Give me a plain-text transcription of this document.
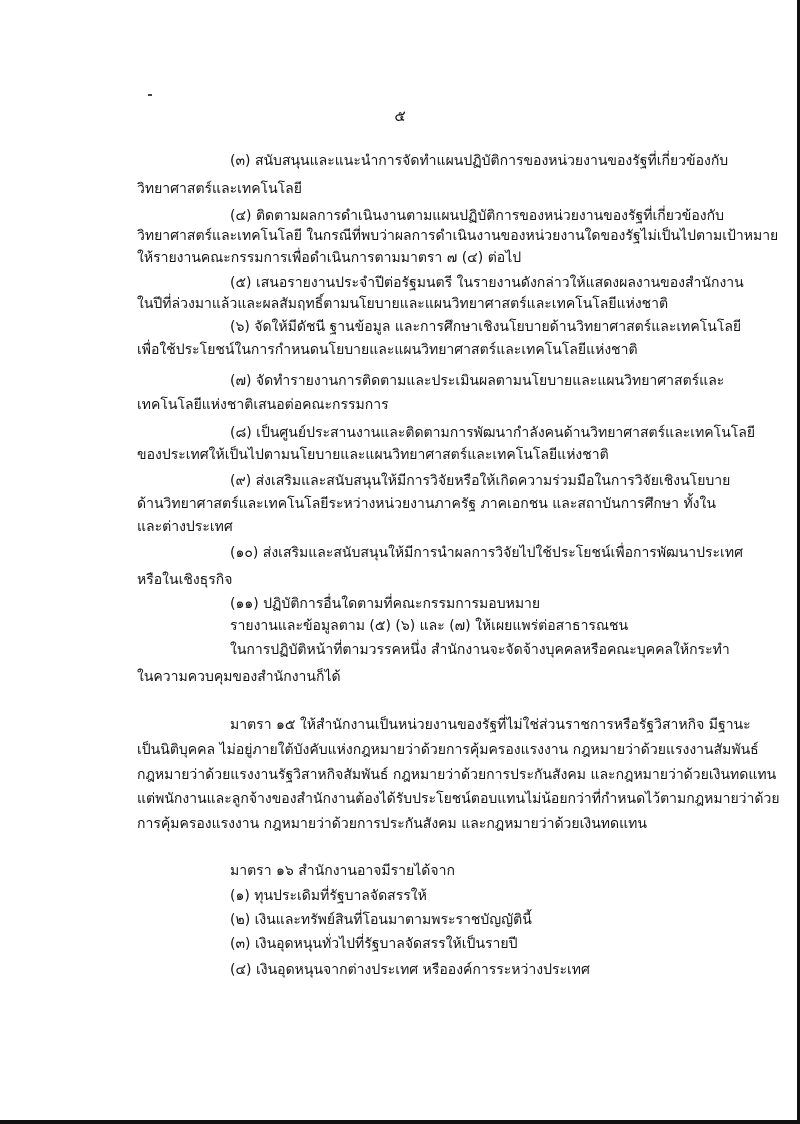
๕
(๓) สนับสนุนและแนะนำการจัดทำแผนปฏิบัติการของหน่วยงานของรัฐที่เกี่ยวข้องกับ
วิทยาศาสตร์และเทคโนโลยี
(๔) ติดตามผลการดำเนินงานตามแผนปฏิบัติการของหน่วยงานของรัฐที่เกี่ยวข้องกับ
วิทยาศาสตร์และเทคโนโลยี ในกรณีที่พบว่าผลการดำเนินงานของหน่วยงานใดของรัฐไม่เป็นไปตามเป้าหมาย
ให้รายงานคณะกรรมการเพื่อดำเนินการตามมาตรา ๗ (๔) ต่อไป
(๕) เสนอรายงานประจำปีต่อรัฐมนตรี ในรายงานดังกล่าวให้แสดงผลงานของสำนักงาน
ในปีที่ล่วงมาแล้วและผลสัมฤทธิ์ตามนโยบายและแผนวิทยาศาสตร์และเทคโนโลยีแห่งชาติ
(๖) จัดให้มีดัชนี ฐานข้อมูล และการศึกษาเชิงนโยบายด้านวิทยาศาสตร์และเทคโนโลยี
เพื่อใช้ประโยชน์ในการกำหนดนโยบายและแผนวิทยาศาสตร์และเทคโนโลยีแห่งชาติ
(๗) จัดทำรายงานการติดตามและประเมินผลตามนโยบายและแผนวิทยาศาสตร์และ
เทคโนโลยีแห่งชาติเสนอต่อคณะกรรมการ
(๘) เป็นศูนย์ประสานงานและติดตามการพัฒนากำลังคนด้านวิทยาศาสตร์และเทคโนโลยี
ของประเทศให้เป็นไปตามนโยบายและแผนวิทยาศาสตร์และเทคโนโลยีแห่งชาติ
(๙) ส่งเสริมและสนับสนุนให้มีการวิจัยหรือให้เกิดความร่วมมือในการวิจัยเชิงนโยบาย
ด้านวิทยาศาสตร์และเทคโนโลยีระหว่างหน่วยงานภาครัฐ ภาคเอกชน และสถาบันการศึกษา ทั้งใน
และต่างประเทศ
(๑๐) ส่งเสริมและสนับสนุนให้มีการนำผลการวิจัยไปใช้ประโยชน์เพื่อการพัฒนาประเทศ
หรือในเชิงธุรกิจ
(๑๑) ปฏิบัติการอื่นใดตามที่คณะกรรมการมอบหมาย
รายงานและข้อมูลตาม (๕) (๖) และ (๗) ให้เผยแพร่ต่อสาธารณชน
ในการปฏิบัติหน้าที่ตามวรรคหนึ่ง สำนักงานจะจัดจ้างบุคคลหรือคณะบุคคลให้กระทำ
ในความควบคุมของสำนักงานก็ได้
มาตรา ๑๕ ให้สำนักงานเป็นหน่วยงานของรัฐที่ไม่ใช่ส่วนราชการหรือรัฐวิสาหกิจ มีฐานะ
เป็นนิติบุคคล ไม่อยู่ภายใต้บังคับแห่งกฎหมายว่าด้วยการคุ้มครองแรงงาน กฎหมายว่าด้วยแรงงานสัมพันธ์
กฎหมายว่าด้วยแรงงานรัฐวิสาหกิจสัมพันธ์ กฎหมายว่าด้วยการประกันสังคม และกฎหมายว่าด้วยเงินทดแทน
แต่พนักงานและลูกจ้างของสำนักงานต้องได้รับประโยชน์ตอบแทนไม่น้อยกว่าที่กำหนดไว้ตามกฎหมายว่าด้วย
การคุ้มครองแรงงาน กฎหมายว่าด้วยการประกันสังคม และกฎหมายว่าด้วยเงินทดแทน
มาตรา ๑๖ สำนักงานอาจมีรายได้จาก
(๑) ทุนประเดิมที่รัฐบาลจัดสรรให้
(๒) เงินและทรัพย์สินที่โอนมาตามพระราชบัญญัตินี้
(๓) เงินอุดหนุนทั่วไปที่รัฐบาลจัดสรรให้เป็นรายปี
(๔) เงินอุดหนุนจากต่างประเทศ หรือองค์การระหว่างประเทศ
